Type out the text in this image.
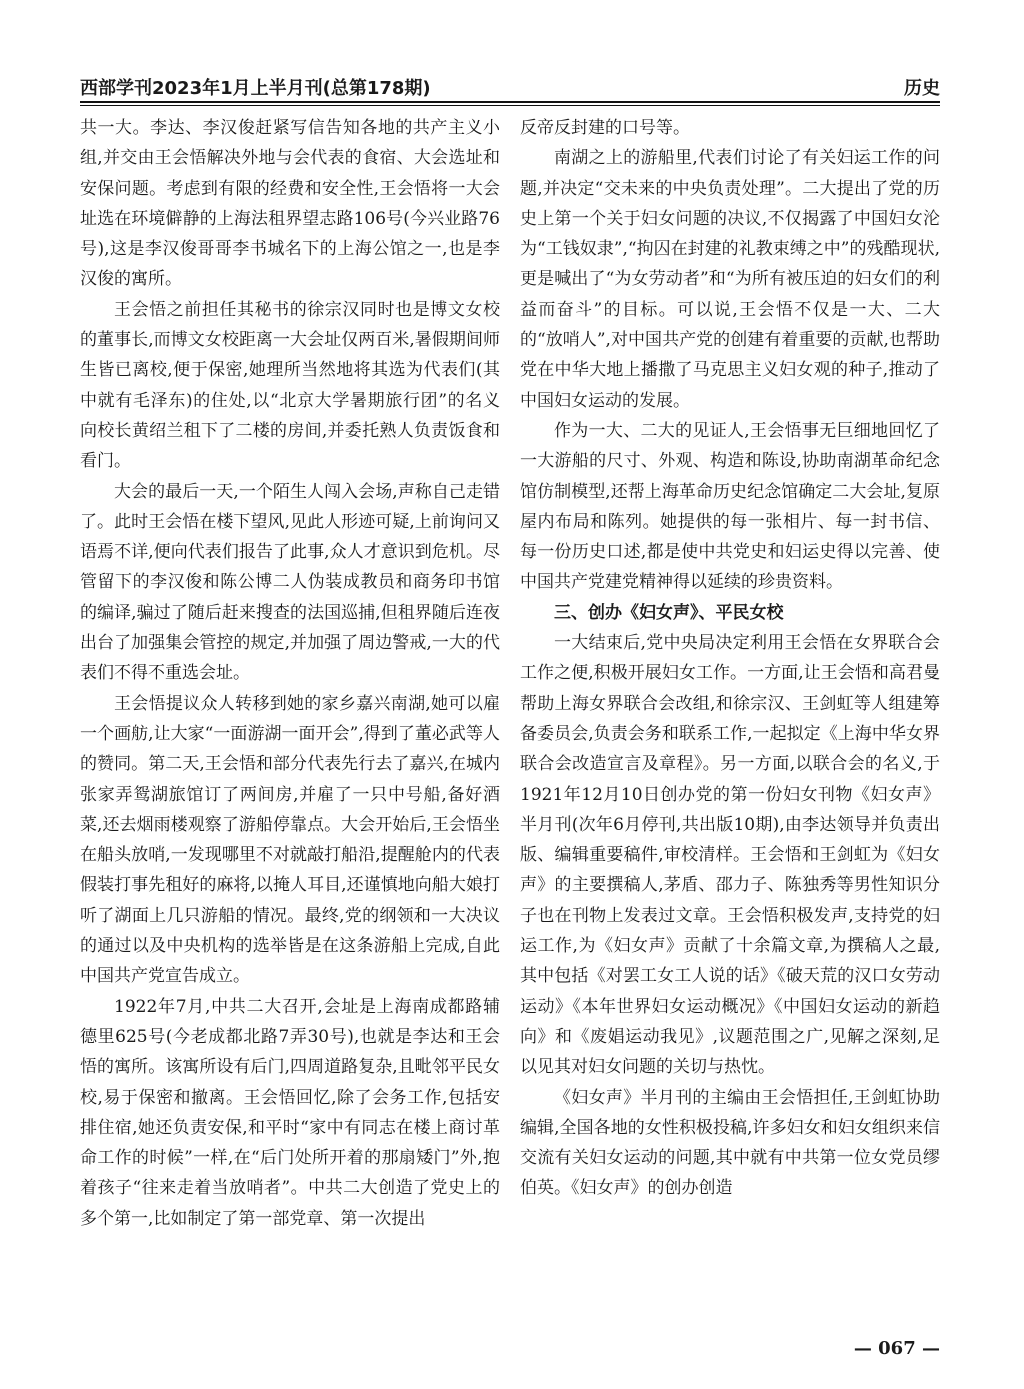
西部学刊2023年1月上半月刊(总第178期)	历史

共一大。李达、李汉俊赶紧写信告知各地的共产主义小组,并交由王会悟解决外地与会代表的食宿、大会选址和安保问题。考虑到有限的经费和安全性,王会悟将一大会址选在环境僻静的上海法租界望志路106号(今兴业路76号),这是李汉俊哥哥李书城名下的上海公馆之一,也是李汉俊的寓所。

王会悟之前担任其秘书的徐宗汉同时也是博文女校的董事长,而博文女校距离一大会址仅两百米,暑假期间师生皆已离校,便于保密,她理所当然地将其选为代表们(其中就有毛泽东)的住处,以“北京大学暑期旅行团”的名义向校长黄绍兰租下了二楼的房间,并委托熟人负责饭食和看门。

大会的最后一天,一个陌生人闯入会场,声称自己走错了。此时王会悟在楼下望风,见此人形迹可疑,上前询问又语焉不详,便向代表们报告了此事,众人才意识到危机。尽管留下的李汉俊和陈公博二人伪装成教员和商务印书馆的编译,骗过了随后赶来搜查的法国巡捕,但租界随后连夜出台了加强集会管控的规定,并加强了周边警戒,一大的代表们不得不重选会址。

王会悟提议众人转移到她的家乡嘉兴南湖,她可以雇一个画舫,让大家“一面游湖一面开会”,得到了董必武等人的赞同。第二天,王会悟和部分代表先行去了嘉兴,在城内张家弄鸳湖旅馆订了两间房,并雇了一只中号船,备好酒菜,还去烟雨楼观察了游船停靠点。大会开始后,王会悟坐在船头放哨,一发现哪里不对就敲打船沿,提醒舱内的代表假装打事先租好的麻将,以掩人耳目,还谨慎地向船大娘打听了湖面上几只游船的情况。最终,党的纲领和一大决议的通过以及中央机构的选举皆是在这条游船上完成,自此中国共产党宣告成立。

1922年7月,中共二大召开,会址是上海南成都路辅德里625号(今老成都北路7弄30号),也就是李达和王会悟的寓所。该寓所设有后门,四周道路复杂,且毗邻平民女校,易于保密和撤离。王会悟回忆,除了会务工作,包括安排住宿,她还负责安保,和平时“家中有同志在楼上商讨革命工作的时候”一样,在“后门处所开着的那扇矮门”外,抱着孩子“往来走着当放哨者”。中共二大创造了党史上的多个第一,比如制定了第一部党章、第一次提出

反帝反封建的口号等。

南湖之上的游船里,代表们讨论了有关妇运工作的问题,并决定“交未来的中央负责处理”。二大提出了党的历史上第一个关于妇女问题的决议,不仅揭露了中国妇女沦为“工钱奴隶”,“拘囚在封建的礼教束缚之中”的残酷现状,更是喊出了“为女劳动者”和“为所有被压迫的妇女们的利益而奋斗”的目标。可以说,王会悟不仅是一大、二大的“放哨人”,对中国共产党的创建有着重要的贡献,也帮助党在中华大地上播撒了马克思主义妇女观的种子,推动了中国妇女运动的发展。

作为一大、二大的见证人,王会悟事无巨细地回忆了一大游船的尺寸、外观、构造和陈设,协助南湖革命纪念馆仿制模型,还帮上海革命历史纪念馆确定二大会址,复原屋内布局和陈列。她提供的每一张相片、每一封书信、每一份历史口述,都是使中共党史和妇运史得以完善、使中国共产党建党精神得以延续的珍贵资料。

三、创办《妇女声》、平民女校

一大结束后,党中央局决定利用王会悟在女界联合会工作之便,积极开展妇女工作。一方面,让王会悟和高君曼帮助上海女界联合会改组,和徐宗汉、王剑虹等人组建筹备委员会,负责会务和联系工作,一起拟定《上海中华女界联合会改造宣言及章程》。另一方面,以联合会的名义,于1921年12月10日创办党的第一份妇女刊物《妇女声》半月刊(次年6月停刊,共出版10期),由李达领导并负责出版、编辑重要稿件,审校清样。王会悟和王剑虹为《妇女声》的主要撰稿人,茅盾、邵力子、陈独秀等男性知识分子也在刊物上发表过文章。王会悟积极发声,支持党的妇运工作,为《妇女声》贡献了十余篇文章,为撰稿人之最,其中包括《对罢工女工人说的话》《破天荒的汉口女劳动运动》《本年世界妇女运动概况》《中国妇女运动的新趋向》和《废娼运动我见》,议题范围之广,见解之深刻,足以见其对妇女问题的关切与热忱。

《妇女声》半月刊的主编由王会悟担任,王剑虹协助编辑,全国各地的女性积极投稿,许多妇女和妇女组织来信交流有关妇女运动的问题,其中就有中共第一位女党员缪伯英。《妇女声》的创办创造

— 067 —
